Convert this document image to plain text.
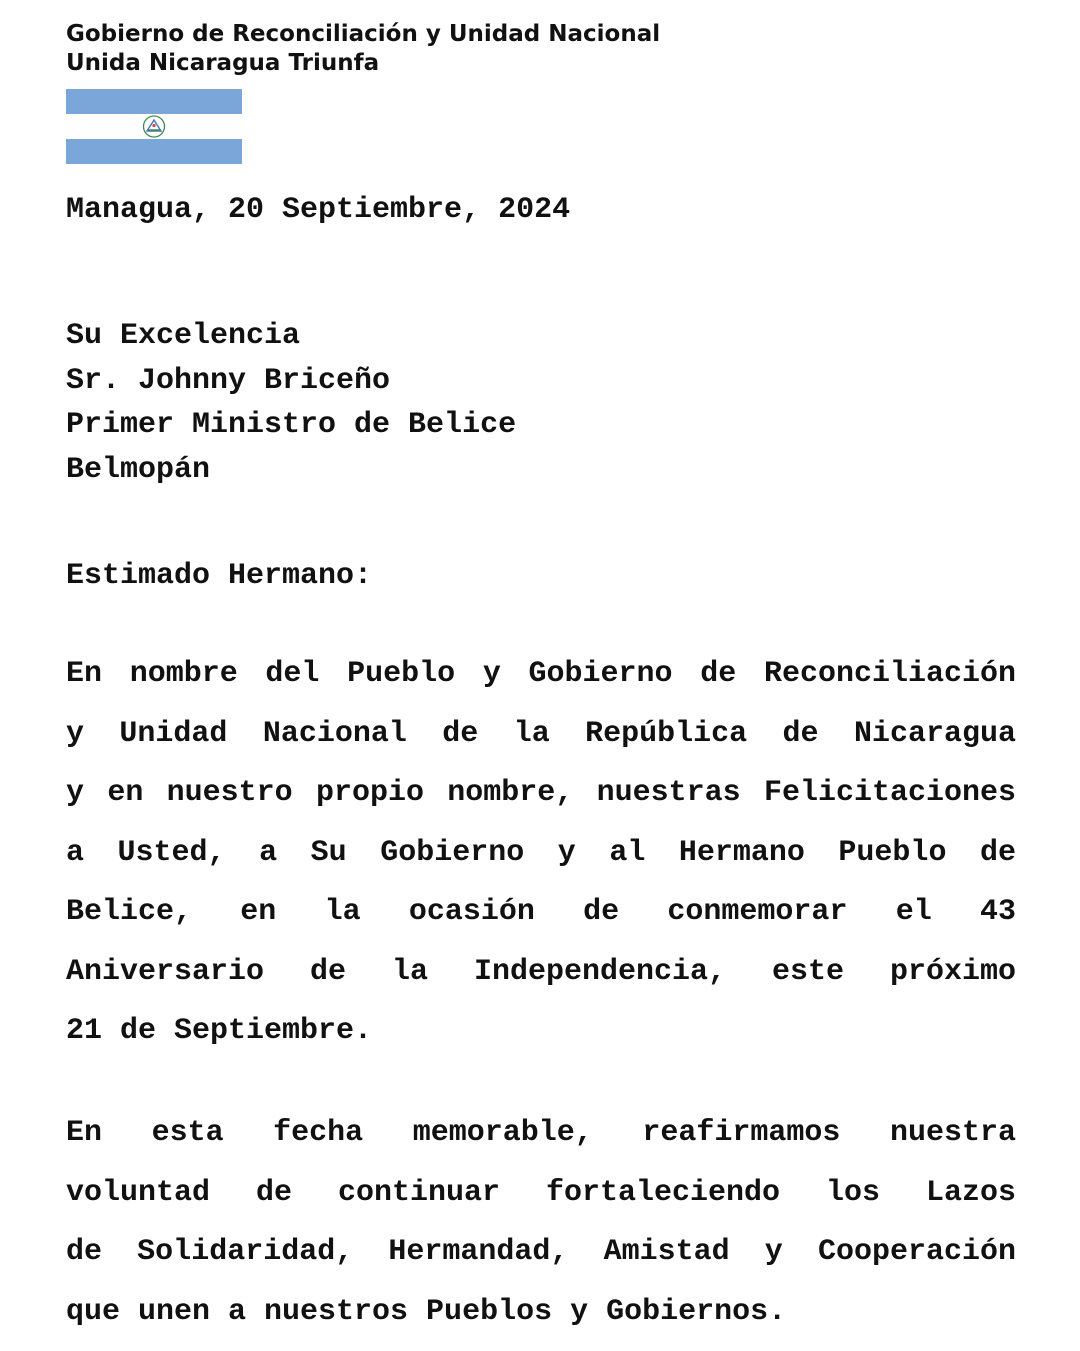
Gobierno de Reconciliación y Unidad Nacional
Unida Nicaragua Triunfa
Managua, 20 Septiembre, 2024
Su Excelencia
Sr. Johnny Briceño
Primer Ministro de Belice
Belmopán
Estimado Hermano:
En nombre del Pueblo y Gobierno de Reconciliación
y Unidad Nacional de la República de Nicaragua
y en nuestro propio nombre, nuestras Felicitaciones
a Usted, a Su Gobierno y al Hermano Pueblo de
Belice, en la ocasión de conmemorar el 43
Aniversario de la Independencia, este próximo
21 de Septiembre.
En esta fecha memorable, reafirmamos nuestra
voluntad de continuar fortaleciendo los Lazos
de Solidaridad, Hermandad, Amistad y Cooperación
que unen a nuestros Pueblos y Gobiernos.
